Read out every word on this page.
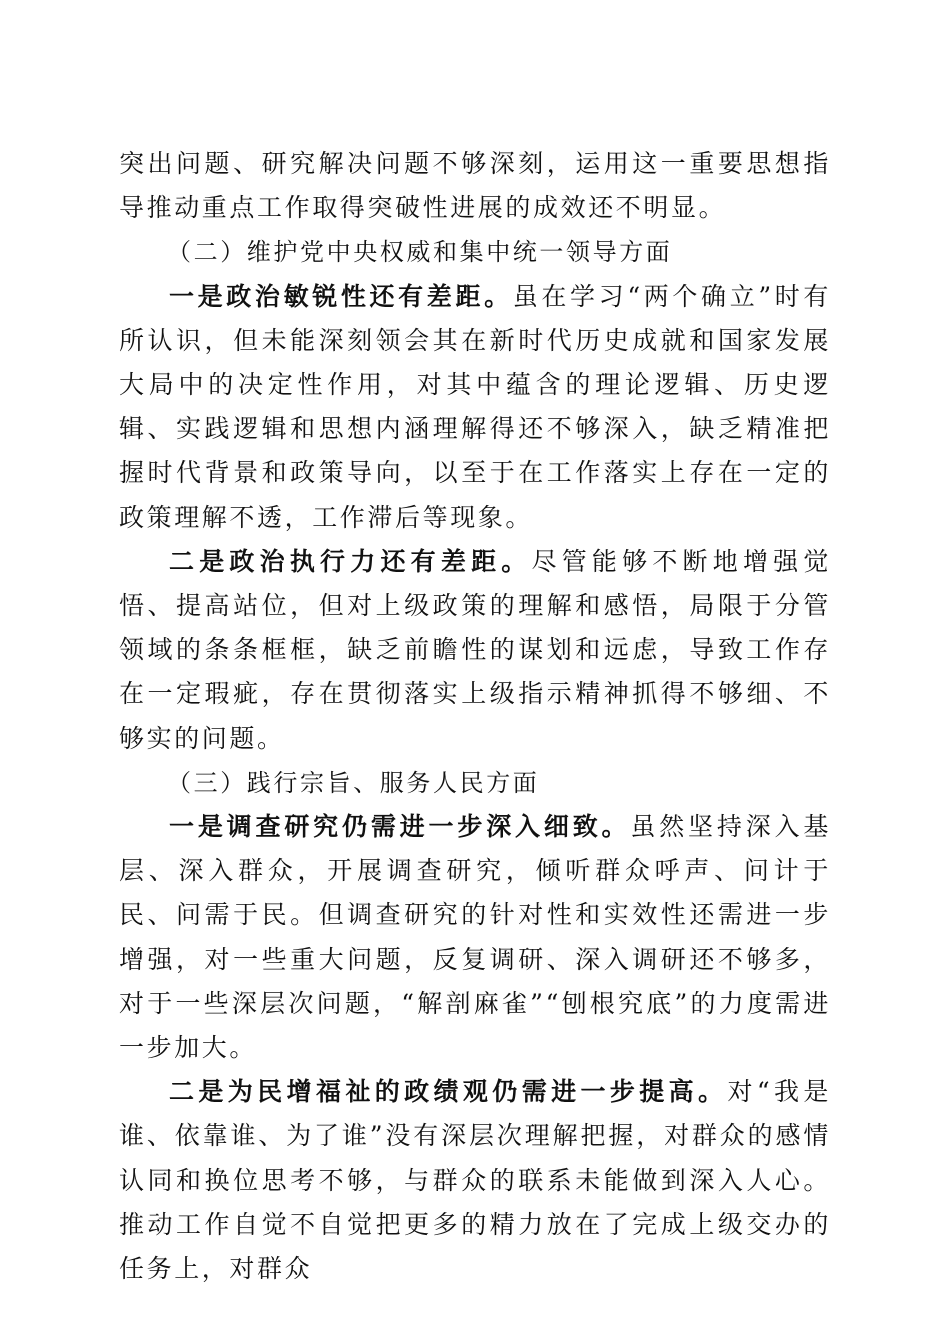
突出问题、研究解决问题不够深刻，运用这一重要思想指导推动重点工作取得突破性进展的成效还不明显。

（二）维护党中央权威和集中统一领导方面

一是政治敏锐性还有差距。虽在学习“两个确立”时有所认识，但未能深刻领会其在新时代历史成就和国家发展大局中的决定性作用，对其中蕴含的理论逻辑、历史逻辑、实践逻辑和思想内涵理解得还不够深入，缺乏精准把握时代背景和政策导向，以至于在工作落实上存在一定的政策理解不透，工作滞后等现象。

二是政治执行力还有差距。尽管能够不断地增强觉悟、提高站位，但对上级政策的理解和感悟，局限于分管领域的条条框框，缺乏前瞻性的谋划和远虑，导致工作存在一定瑕疵，存在贯彻落实上级指示精神抓得不够细、不够实的问题。

（三）践行宗旨、服务人民方面

一是调查研究仍需进一步深入细致。虽然坚持深入基层、深入群众，开展调查研究，倾听群众呼声、问计于民、问需于民。但调查研究的针对性和实效性还需进一步增强，对一些重大问题，反复调研、深入调研还不够多，对于一些深层次问题，“解剖麻雀”“刨根究底”的力度需进一步加大。

二是为民增福祉的政绩观仍需进一步提高。对“我是谁、依靠谁、为了谁”没有深层次理解把握，对群众的感情认同和换位思考不够，与群众的联系未能做到深入人心。推动工作自觉不自觉把更多的精力放在了完成上级交办的任务上，对群众
